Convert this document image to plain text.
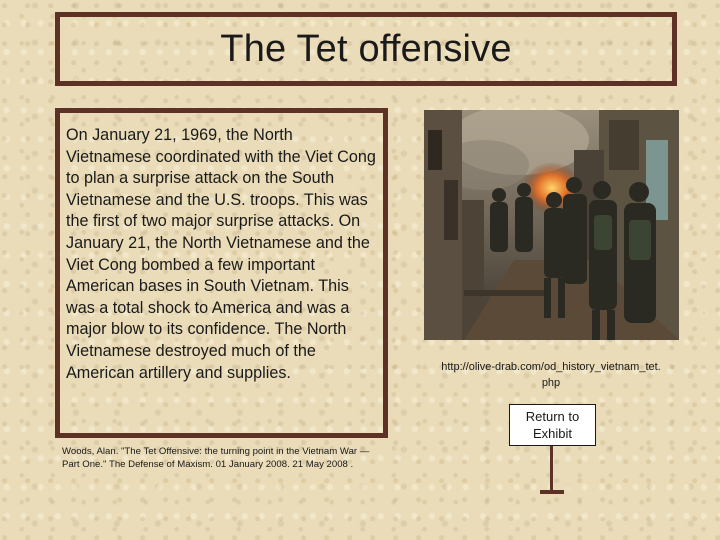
The Tet offensive

On January 21, 1969, the North Vietnamese coordinated with the Viet Cong to plan a surprise attack on the South Vietnamese and the U.S. troops. This was the first of two major surprise attacks. On January 21, the North Vietnamese and the Viet Cong bombed a few important American bases in South Vietnam. This was a total shock to America and was a major blow to its confidence. The North Vietnamese destroyed much of the American artillery and supplies.	http://olive-drab.com/od_history_vietnam_tet.php
Return to Exhibit
Woods, Alan. "The Tet Offensive: the turning point in the Vietnam War — Part One." The Defense of Maxism. 01 January 2008. 21 May 2008 .
